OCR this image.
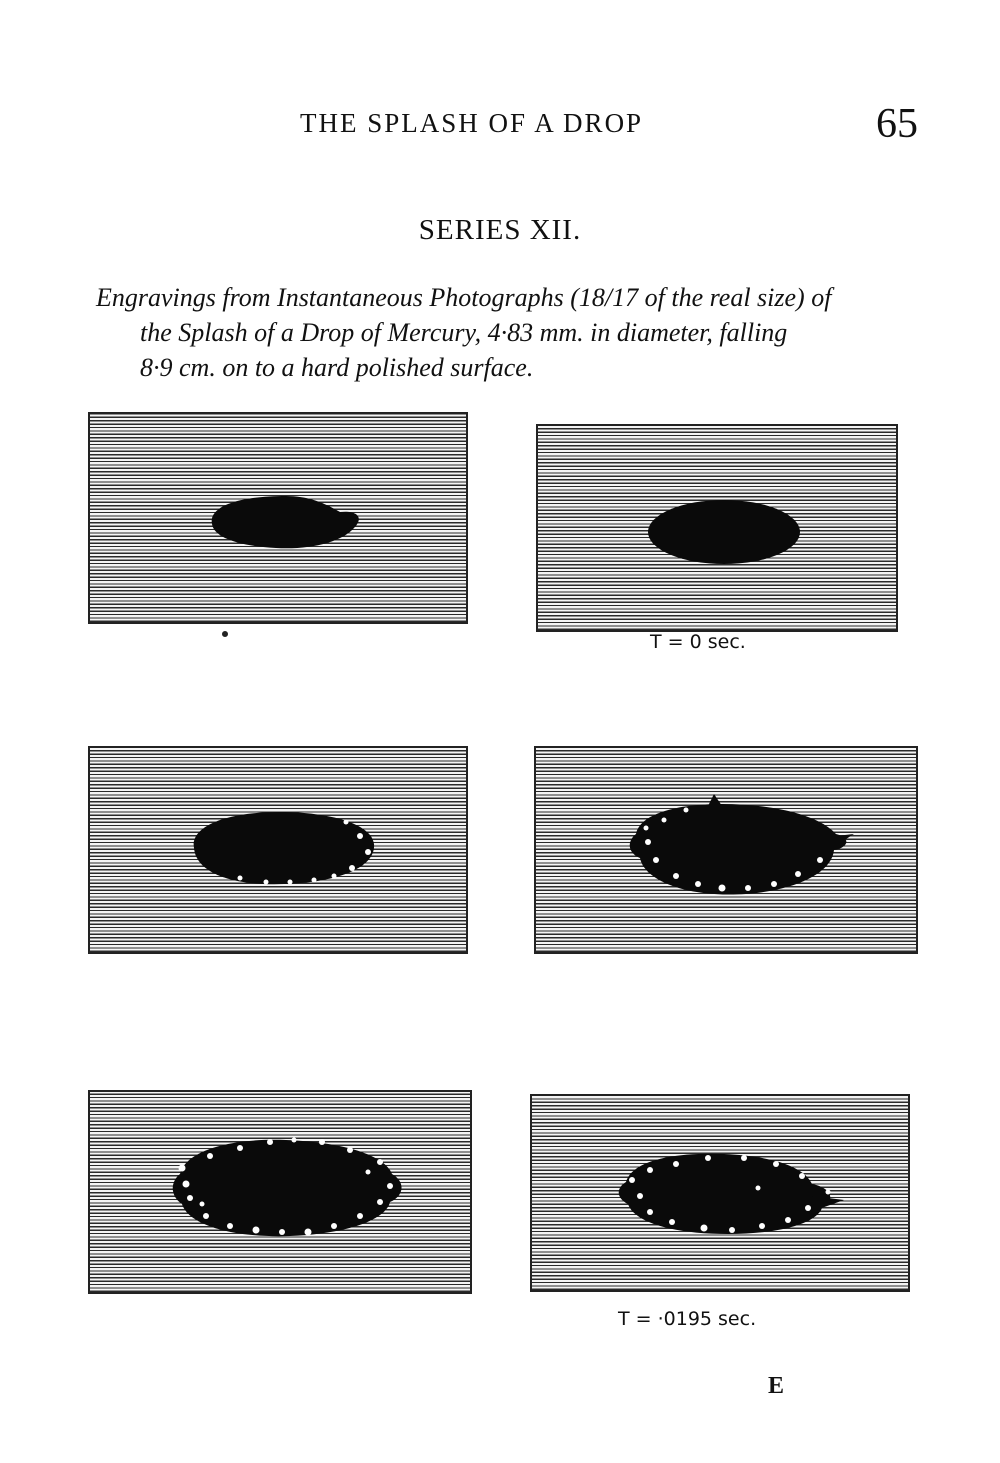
THE SPLASH OF A DROP	65
SERIES XII.
Engravings from Instantaneous Photographs (18/17 of the real size) of
the Splash of a Drop of Mercury, 4·83 mm. in diameter, falling
8·9 cm. on to a hard polished surface.
T = 0 sec.
T = ·0195 sec.
E
